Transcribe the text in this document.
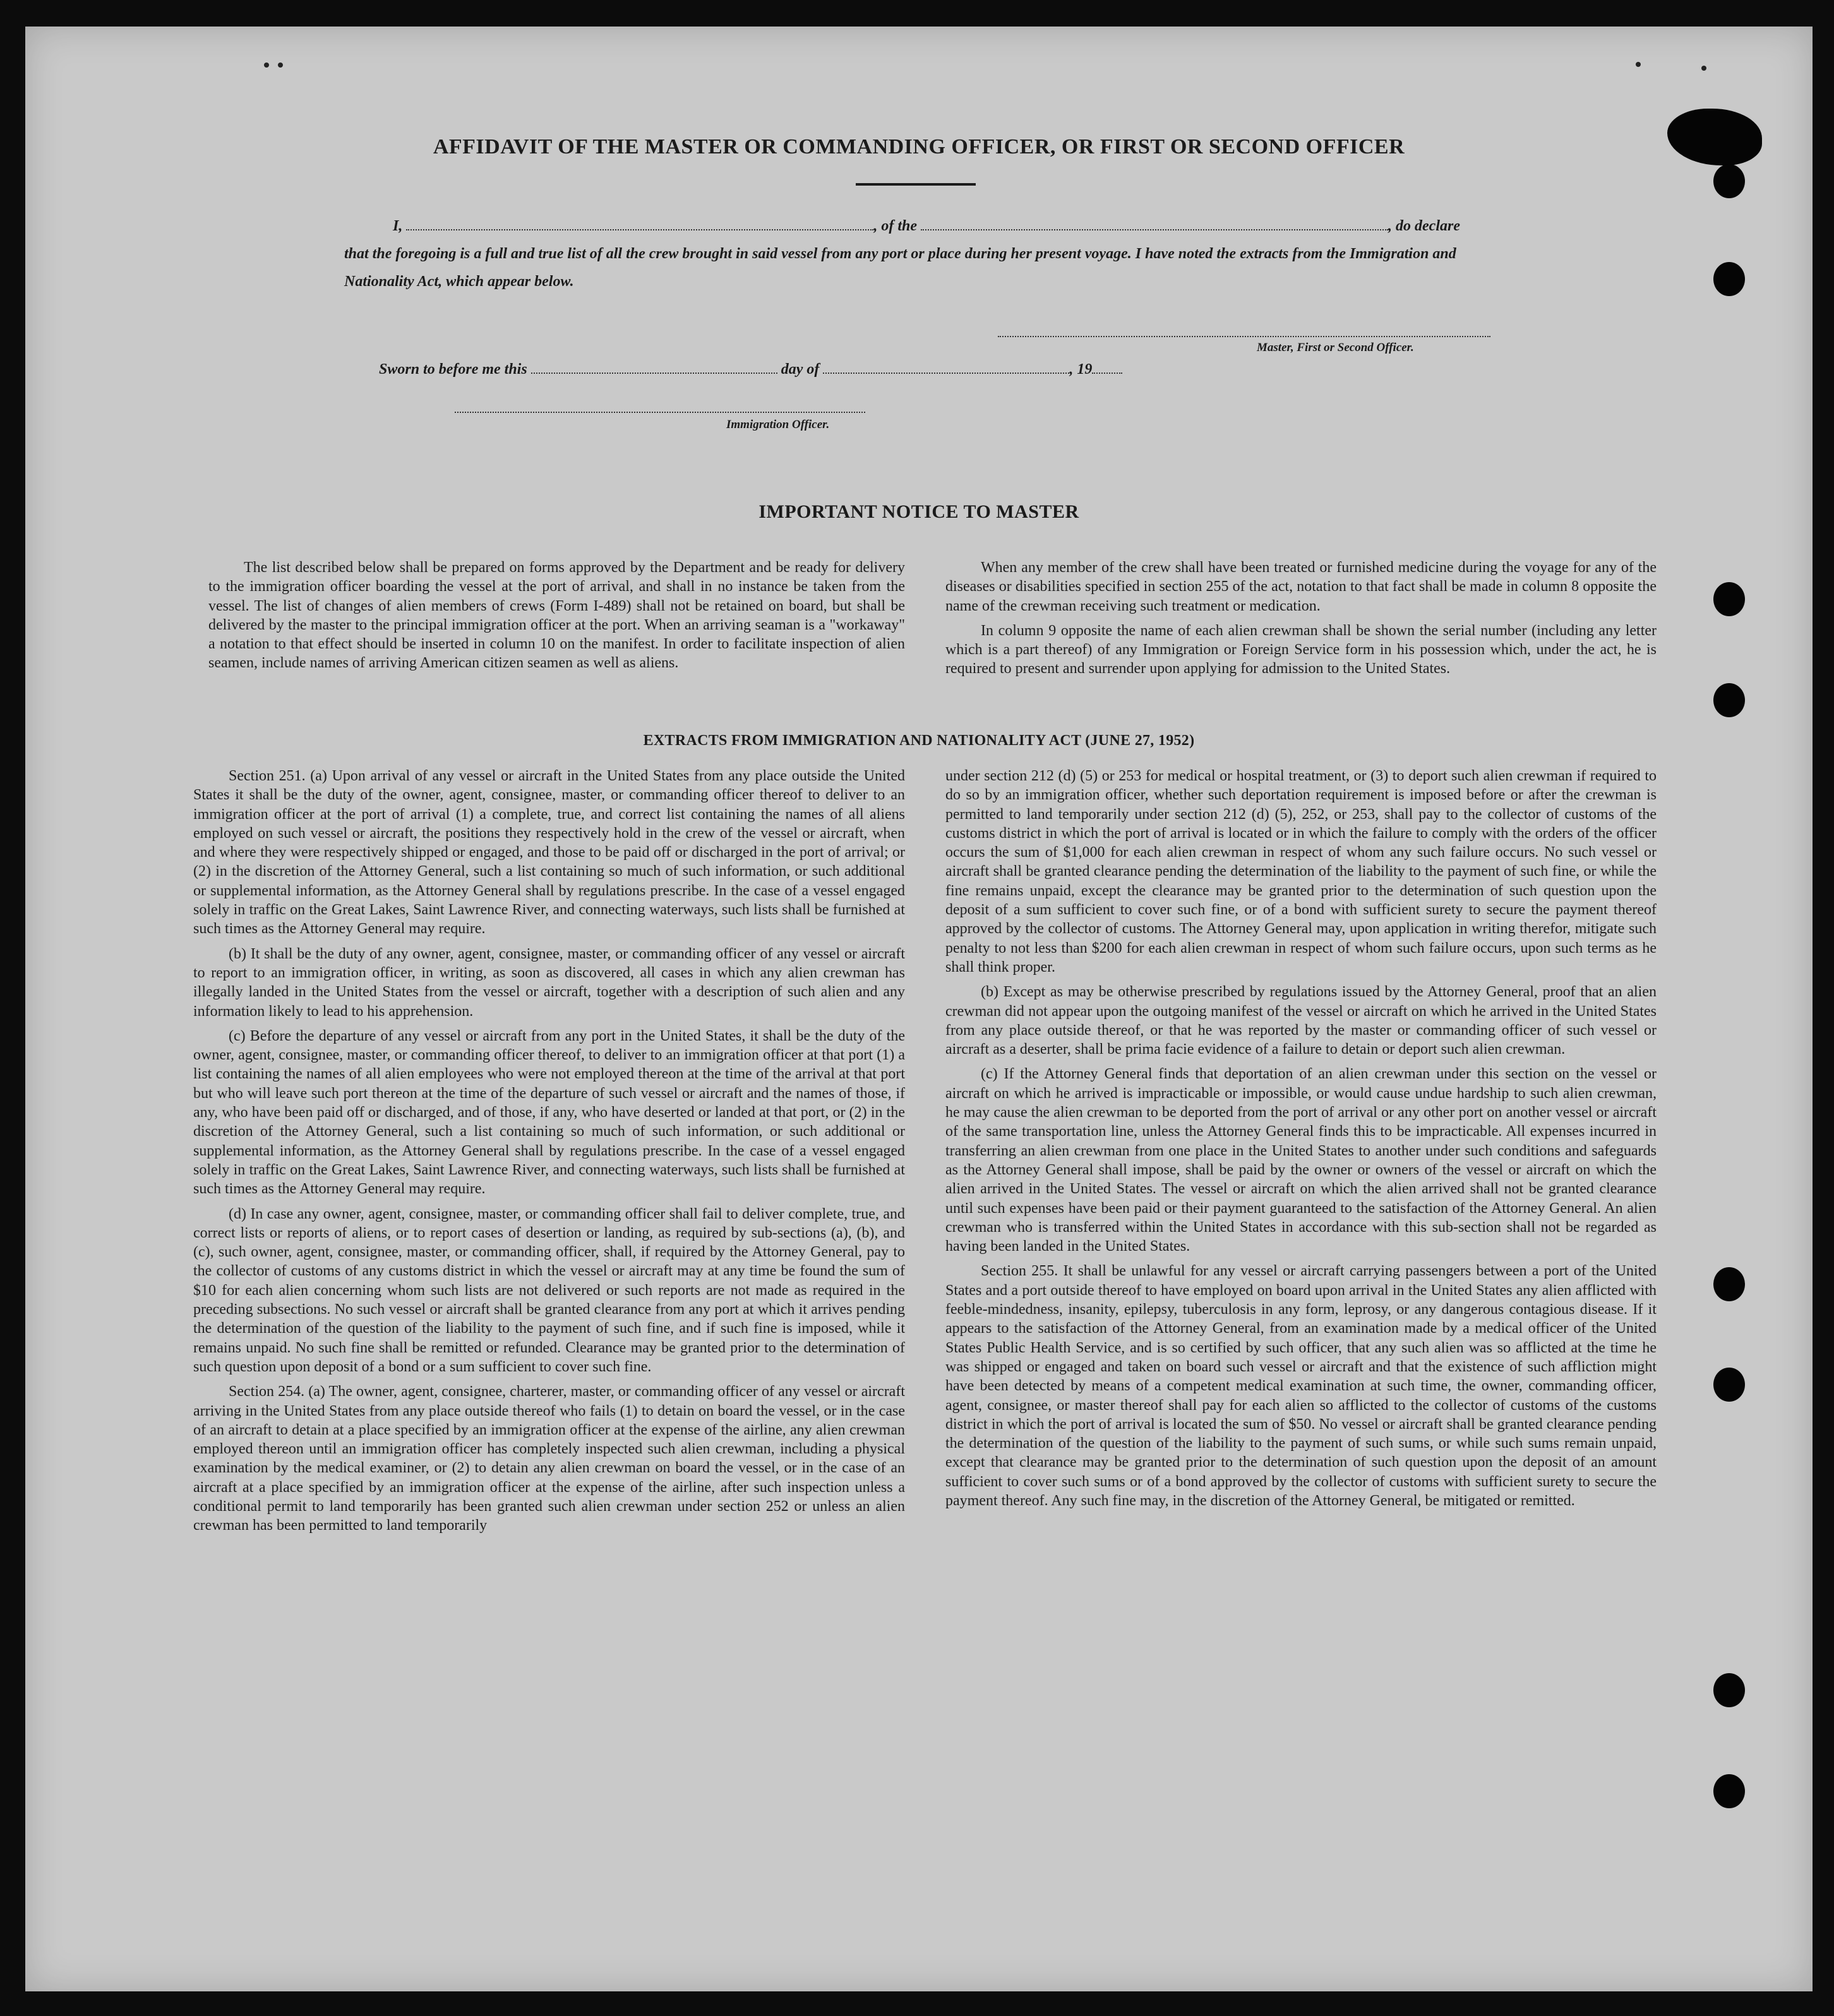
AFFIDAVIT OF THE MASTER OR COMMANDING OFFICER, OR FIRST OR SECOND OFFICER
I,	, of the	, do declare

that the foregoing is a full and true list of all the crew brought in said vessel from any port or place during her present voyage. I have noted the extracts from the Immigration and Nationality Act, which appear below.

Master, First or Second Officer.
Sworn to before me this	day of	, 19
Immigration Officer.
IMPORTANT NOTICE TO MASTER

The list described below shall be prepared on forms approved by the Department and be ready for delivery to the immigration officer boarding the vessel at the port of arrival, and shall in no instance be taken from the vessel. The list of changes of alien members of crews (Form I-489) shall not be retained on board, but shall be delivered by the master to the principal immigration officer at the port. When an arriving seaman is a "workaway" a notation to that effect should be inserted in column 10 on the manifest. In order to facilitate inspection of alien seamen, include names of arriving American citizen seamen as well as aliens.

When any member of the crew shall have been treated or furnished medicine during the voyage for any of the diseases or disabilities specified in section 255 of the act, notation to that fact shall be made in column 8 opposite the name of the crewman receiving such treatment or medication.

In column 9 opposite the name of each alien crewman shall be shown the serial number (including any letter which is a part thereof) of any Immigration or Foreign Service form in his possession which, under the act, he is required to present and surrender upon applying for admission to the United States.

EXTRACTS FROM IMMIGRATION AND NATIONALITY ACT (JUNE 27, 1952)

Section 251. (a) Upon arrival of any vessel or aircraft in the United States from any place outside the United States it shall be the duty of the owner, agent, consignee, master, or commanding officer thereof to deliver to an immigration officer at the port of arrival (1) a complete, true, and correct list containing the names of all aliens employed on such vessel or aircraft, the positions they respectively hold in the crew of the vessel or aircraft, when and where they were respectively shipped or engaged, and those to be paid off or discharged in the port of arrival; or (2) in the discretion of the Attorney General, such a list containing so much of such information, or such additional or supplemental information, as the Attorney General shall by regulations prescribe. In the case of a vessel engaged solely in traffic on the Great Lakes, Saint Lawrence River, and connecting waterways, such lists shall be furnished at such times as the Attorney General may require.

(b) It shall be the duty of any owner, agent, consignee, master, or commanding officer of any vessel or aircraft to report to an immigration officer, in writing, as soon as discovered, all cases in which any alien crewman has illegally landed in the United States from the vessel or aircraft, together with a description of such alien and any information likely to lead to his apprehension.

(c) Before the departure of any vessel or aircraft from any port in the United States, it shall be the duty of the owner, agent, consignee, master, or commanding officer thereof, to deliver to an immigration officer at that port (1) a list containing the names of all alien employees who were not employed thereon at the time of the arrival at that port but who will leave such port thereon at the time of the departure of such vessel or aircraft and the names of those, if any, who have been paid off or discharged, and of those, if any, who have deserted or landed at that port, or (2) in the discretion of the Attorney General, such a list containing so much of such information, or such additional or supplemental information, as the Attorney General shall by regulations prescribe. In the case of a vessel engaged solely in traffic on the Great Lakes, Saint Lawrence River, and connecting waterways, such lists shall be furnished at such times as the Attorney General may require.

(d) In case any owner, agent, consignee, master, or commanding officer shall fail to deliver complete, true, and correct lists or reports of aliens, or to report cases of desertion or landing, as required by sub-sections (a), (b), and (c), such owner, agent, consignee, master, or commanding officer, shall, if required by the Attorney General, pay to the collector of customs of any customs district in which the vessel or aircraft may at any time be found the sum of $10 for each alien concerning whom such lists are not delivered or such reports are not made as required in the preceding subsections. No such vessel or aircraft shall be granted clearance from any port at which it arrives pending the determination of the question of the liability to the payment of such fine, and if such fine is imposed, while it remains unpaid. No such fine shall be remitted or refunded. Clearance may be granted prior to the determination of such question upon deposit of a bond or a sum sufficient to cover such fine.

Section 254. (a) The owner, agent, consignee, charterer, master, or commanding officer of any vessel or aircraft arriving in the United States from any place outside thereof who fails (1) to detain on board the vessel, or in the case of an aircraft to detain at a place specified by an immigration officer at the expense of the airline, any alien crewman employed thereon until an immigration officer has completely inspected such alien crewman, including a physical examination by the medical examiner, or (2) to detain any alien crewman on board the vessel, or in the case of an aircraft at a place specified by an immigration officer at the expense of the airline, after such inspection unless a conditional permit to land temporarily has been granted such alien crewman under section 252 or unless an alien crewman has been permitted to land temporarily

under section 212 (d) (5) or 253 for medical or hospital treatment, or (3) to deport such alien crewman if required to do so by an immigration officer, whether such deportation requirement is imposed before or after the crewman is permitted to land temporarily under section 212 (d) (5), 252, or 253, shall pay to the collector of customs of the customs district in which the port of arrival is located or in which the failure to comply with the orders of the officer occurs the sum of $1,000 for each alien crewman in respect of whom any such failure occurs. No such vessel or aircraft shall be granted clearance pending the determination of the liability to the payment of such fine, or while the fine remains unpaid, except the clearance may be granted prior to the determination of such question upon the deposit of a sum sufficient to cover such fine, or of a bond with sufficient surety to secure the payment thereof approved by the collector of customs. The Attorney General may, upon application in writing therefor, mitigate such penalty to not less than $200 for each alien crewman in respect of whom such failure occurs, upon such terms as he shall think proper.

(b) Except as may be otherwise prescribed by regulations issued by the Attorney General, proof that an alien crewman did not appear upon the outgoing manifest of the vessel or aircraft on which he arrived in the United States from any place outside thereof, or that he was reported by the master or commanding officer of such vessel or aircraft as a deserter, shall be prima facie evidence of a failure to detain or deport such alien crewman.

(c) If the Attorney General finds that deportation of an alien crewman under this section on the vessel or aircraft on which he arrived is impracticable or impossible, or would cause undue hardship to such alien crewman, he may cause the alien crewman to be deported from the port of arrival or any other port on another vessel or aircraft of the same transportation line, unless the Attorney General finds this to be impracticable. All expenses incurred in transferring an alien crewman from one place in the United States to another under such conditions and safeguards as the Attorney General shall impose, shall be paid by the owner or owners of the vessel or aircraft on which the alien arrived in the United States. The vessel or aircraft on which the alien arrived shall not be granted clearance until such expenses have been paid or their payment guaranteed to the satisfaction of the Attorney General. An alien crewman who is transferred within the United States in accordance with this sub-section shall not be regarded as having been landed in the United States.

Section 255. It shall be unlawful for any vessel or aircraft carrying passengers between a port of the United States and a port outside thereof to have employed on board upon arrival in the United States any alien afflicted with feeble-mindedness, insanity, epilepsy, tuberculosis in any form, leprosy, or any dangerous contagious disease. If it appears to the satisfaction of the Attorney General, from an examination made by a medical officer of the United States Public Health Service, and is so certified by such officer, that any such alien was so afflicted at the time he was shipped or engaged and taken on board such vessel or aircraft and that the existence of such affliction might have been detected by means of a competent medical examination at such time, the owner, commanding officer, agent, consignee, or master thereof shall pay for each alien so afflicted to the collector of customs of the customs district in which the port of arrival is located the sum of $50. No vessel or aircraft shall be granted clearance pending the determination of the question of the liability to the payment of such sums, or while such sums remain unpaid, except that clearance may be granted prior to the determination of such question upon the deposit of an amount sufficient to cover such sums or of a bond approved by the collector of customs with sufficient surety to secure the payment thereof. Any such fine may, in the discretion of the Attorney General, be mitigated or remitted.
